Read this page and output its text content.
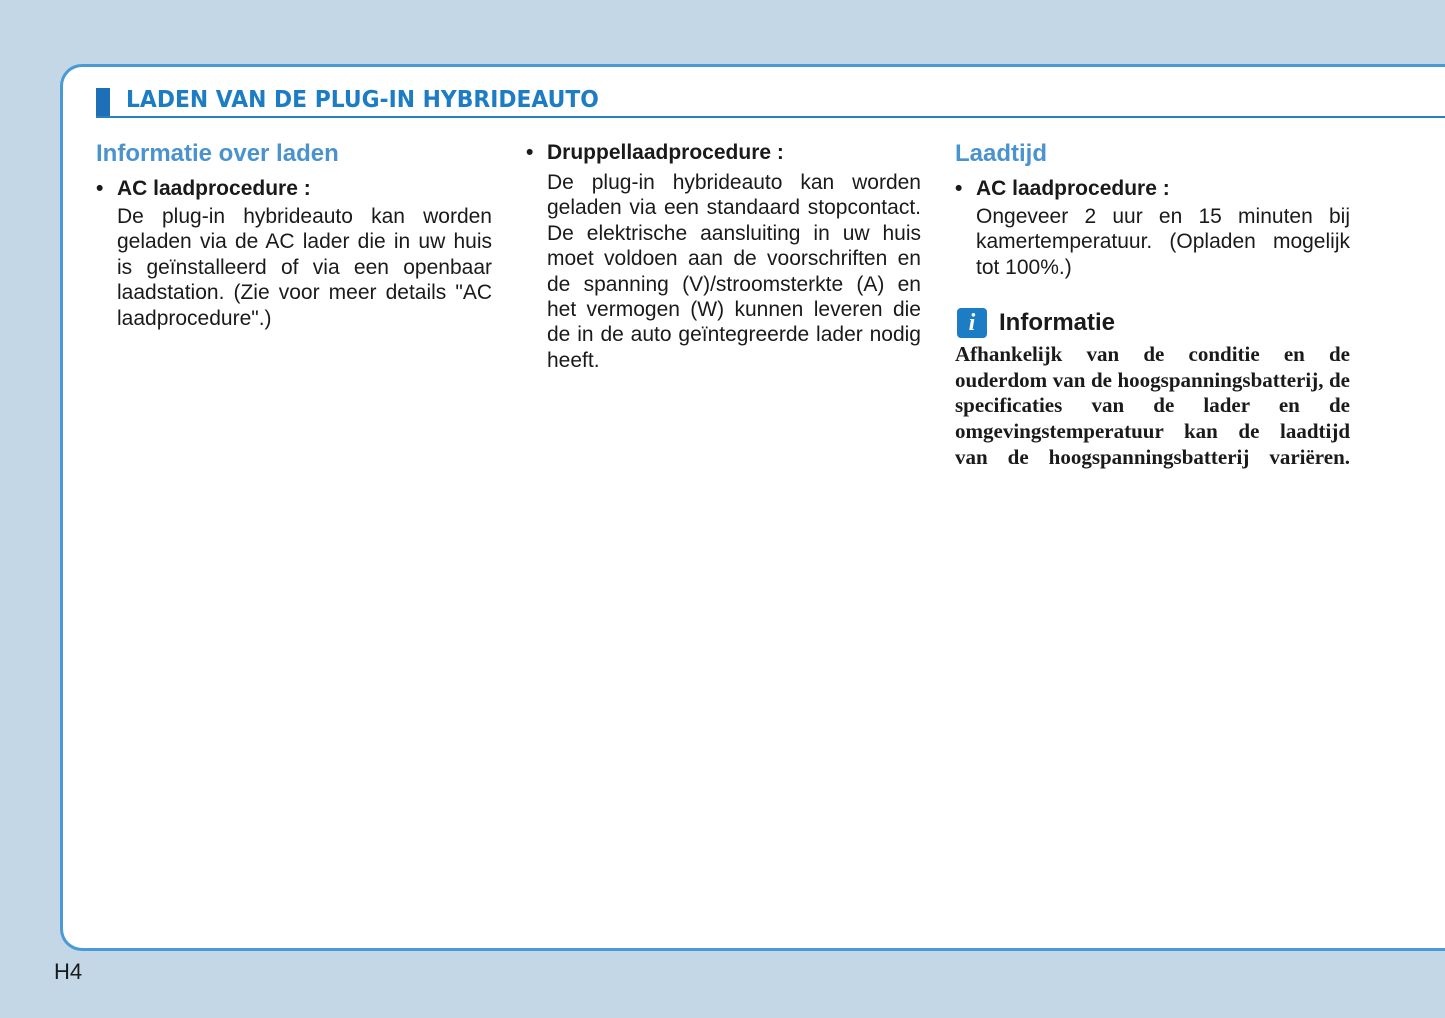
LADEN VAN DE PLUG-IN HYBRIDEAUTO
Informatie over laden
• AC laadprocedure :
De plug-in hybrideauto kan worden geladen via de AC lader die in uw huis is geïnstalleerd of via een openbaar laadstation. (Zie voor meer details "AC laadprocedure".)
• Druppellaadprocedure :
De plug-in hybrideauto kan worden geladen via een standaard stopcontact. De elektrische aansluiting in uw huis moet voldoen aan de voorschriften en de spanning (V)/stroomsterkte (A) en het vermogen (W) kunnen leveren die de in de auto geïntegreerde lader nodig heeft.
Laadtijd
• AC laadprocedure :
Ongeveer 2 uur en 15 minuten bij kamertemperatuur. (Opladen mogelijk tot 100%.)
i Informatie
Afhankelijk van de conditie en de ouderdom van de hoogspanningsbatterij, de specificaties van de lader en de omgevingstemperatuur kan de laadtijd
van de hoogspanningsbatterij variëren.
H4
